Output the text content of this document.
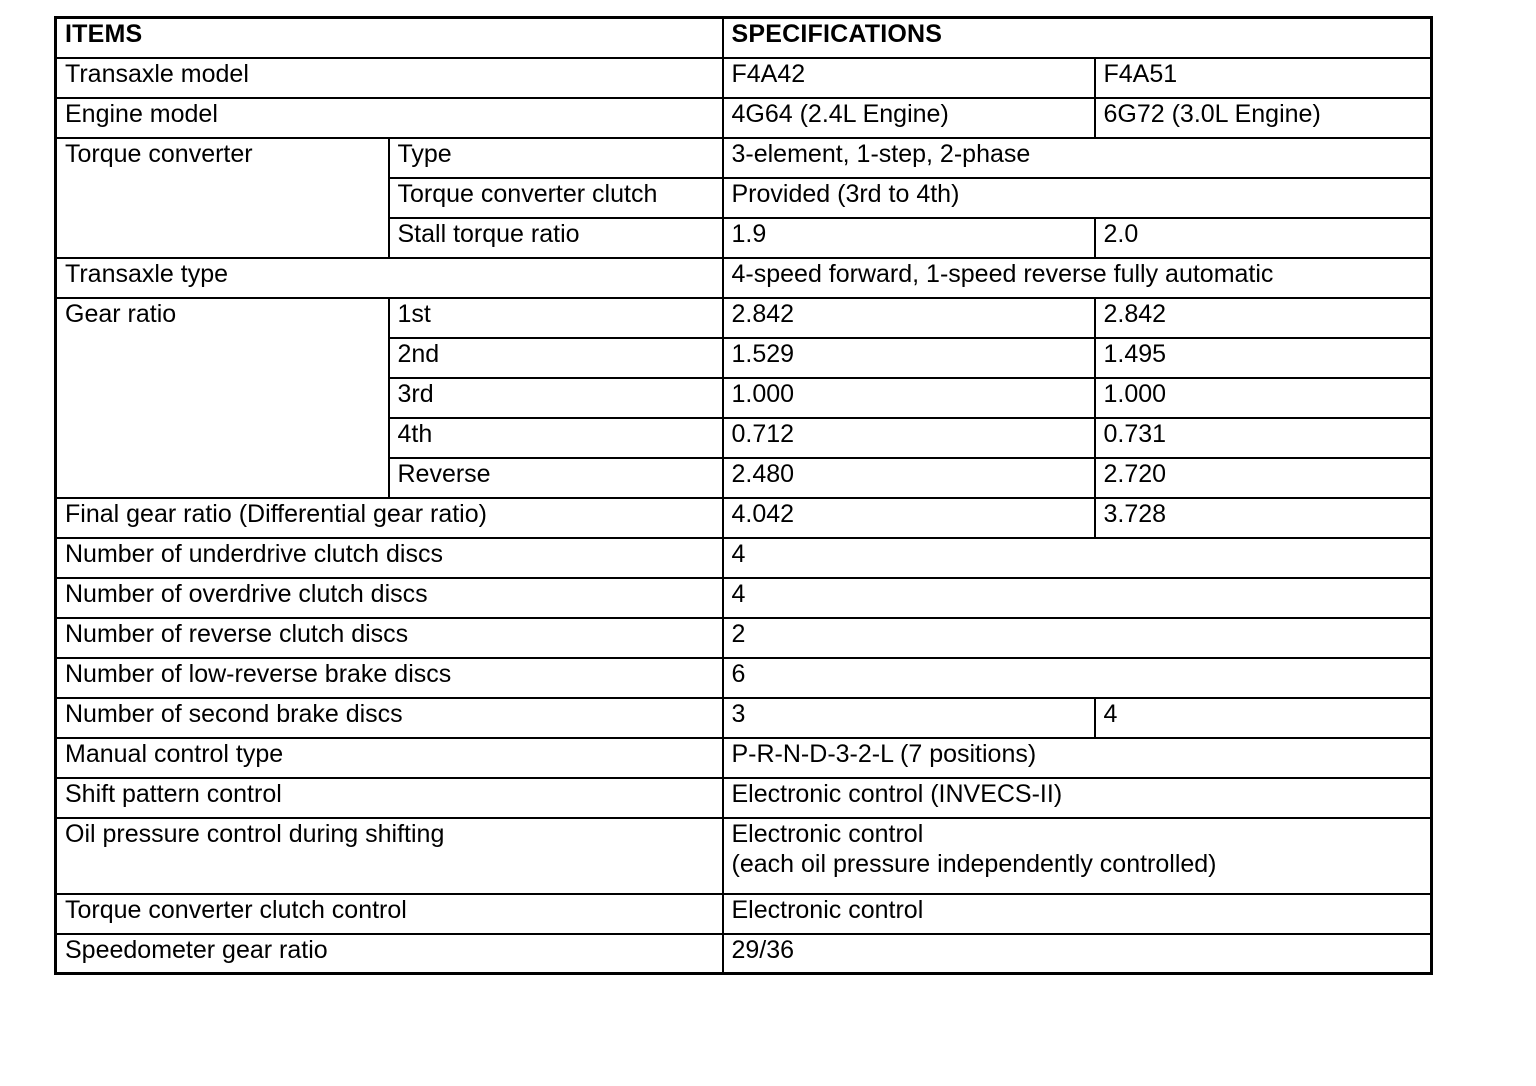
ITEMS		SPECIFICATIONS	
Transaxle model		F4A42	F4A51
Engine model		4G64 (2.4L Engine)	6G72 (3.0L Engine)
Torque converter	Type	3-element, 1-step, 2-phase	
	Torque converter clutch	Provided (3rd to 4th)	
	Stall torque ratio	1.9	2.0
Transaxle type		4-speed forward, 1-speed reverse fully automatic	
Gear ratio	1st	2.842	2.842
	2nd	1.529	1.495
	3rd	1.000	1.000
	4th	0.712	0.731
	Reverse	2.480	2.720
Final gear ratio (Differential gear ratio)		4.042	3.728
Number of underdrive clutch discs		4	
Number of overdrive clutch discs		4	
Number of reverse clutch discs		2	
Number of low-reverse brake discs		6	
Number of second brake discs		3	4
Manual control type		P-R-N-D-3-2-L (7 positions)	
Shift pattern control		Electronic control (INVECS-II)	
Oil pressure control during shifting		Electronic control
(each oil pressure independently controlled)	

Torque converter clutch control		Electronic control	
Speedometer gear ratio		29/36	
